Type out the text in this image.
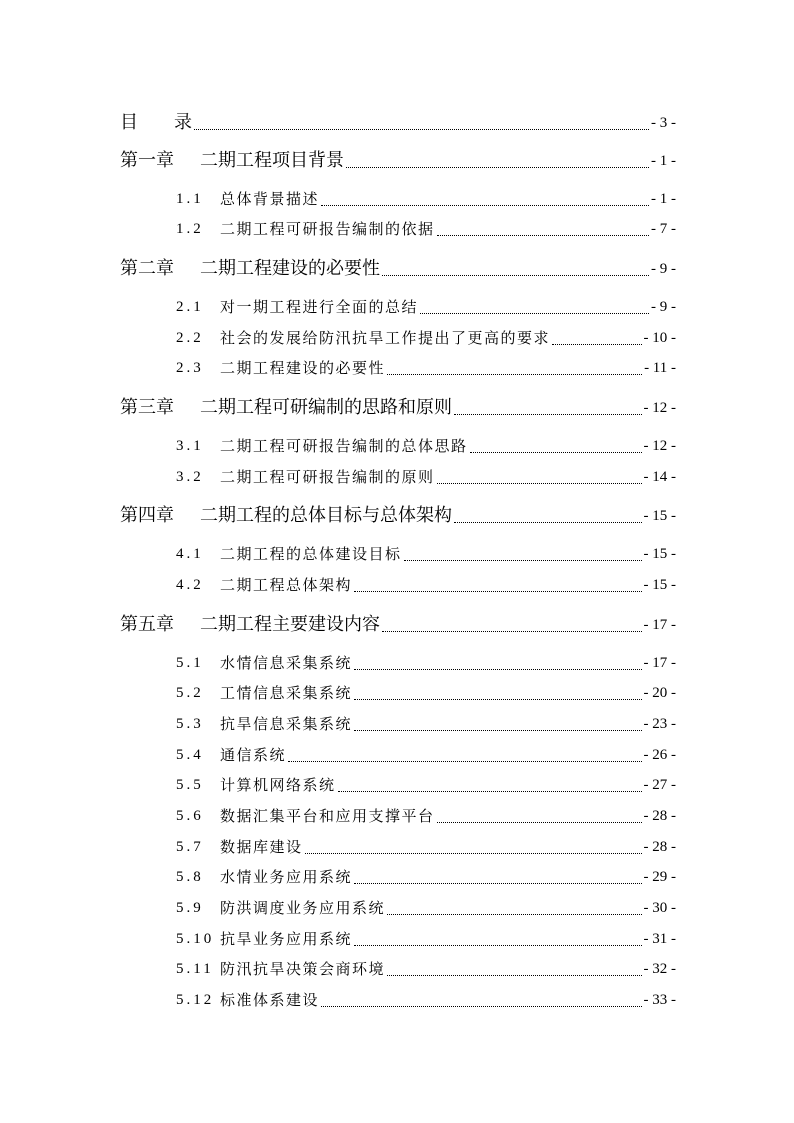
目　　录	- 3 -
第一章	二期工程项目背景	- 1 -
1.1	总体背景描述	- 1 -
1.2	二期工程可研报告编制的依据	- 7 -
第二章	二期工程建设的必要性	- 9 -
2.1	对一期工程进行全面的总结	- 9 -
2.2	社会的发展给防汛抗旱工作提出了更高的要求	- 10 -
2.3	二期工程建设的必要性	- 11 -
第三章	二期工程可研编制的思路和原则	- 12 -
3.1	二期工程可研报告编制的总体思路	- 12 -
3.2	二期工程可研报告编制的原则	- 14 -
第四章	二期工程的总体目标与总体架构	- 15 -
4.1	二期工程的总体建设目标	- 15 -
4.2	二期工程总体架构	- 15 -
第五章	二期工程主要建设内容	- 17 -
5.1	水情信息采集系统	- 17 -
5.2	工情信息采集系统	- 20 -
5.3	抗旱信息采集系统	- 23 -
5.4	通信系统	- 26 -
5.5	计算机网络系统	- 27 -
5.6	数据汇集平台和应用支撑平台	- 28 -
5.7	数据库建设	- 28 -
5.8	水情业务应用系统	- 29 -
5.9	防洪调度业务应用系统	- 30 -
5.10 抗旱业务应用系统	- 31 -
5.11 防汛抗旱决策会商环境	- 32 -
5.12 标准体系建设	- 33 -
